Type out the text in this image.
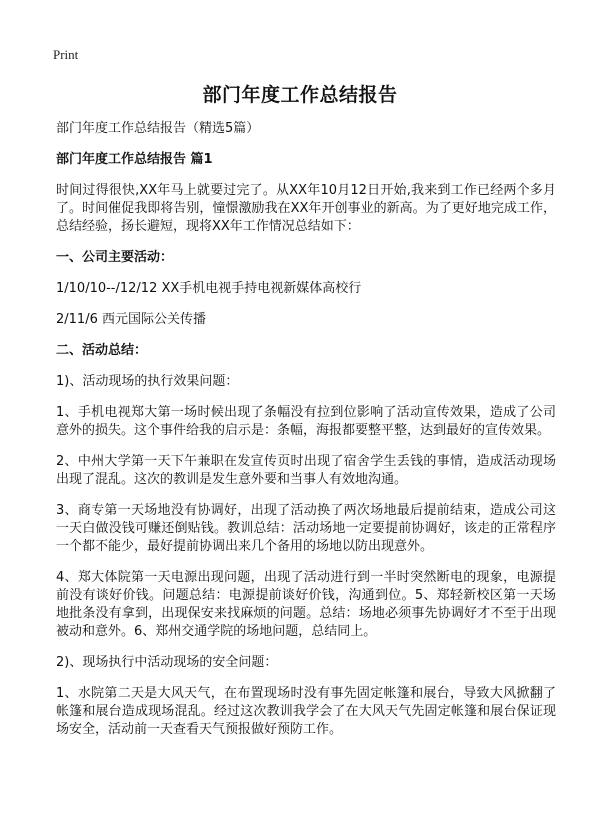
Print
部门年度工作总结报告

部门年度工作总结报告（精选5篇）

部门年度工作总结报告 篇1

时间过得很快,XX年马上就要过完了。从XX年10月12日开始,我来到工作已经两个多月了。时间催促我即将告别，憧憬激励我在XX年开创事业的新高。为了更好地完成工作，总结经验，扬长避短，现将XX年工作情况总结如下：

一、公司主要活动：

1/10/10--/12/12 XX手机电视手持电视新媒体高校行

2/11/6 西元国际公关传播

二、活动总结：

1)、活动现场的执行效果问题：

1、手机电视郑大第一场时候出现了条幅没有拉到位影响了活动宣传效果，造成了公司意外的损失。这个事件给我的启示是：条幅，海报都要整平整，达到最好的宣传效果。

2、中州大学第一天下午兼职在发宣传页时出现了宿舍学生丢钱的事情，造成活动现场出现了混乱。这次的教训是发生意外要和当事人有效地沟通。

3、商专第一天场地没有协调好，出现了活动换了两次场地最后提前结束，造成公司这一天白做没钱可赚还倒贴钱。教训总结：活动场地一定要提前协调好，该走的正常程序一个都不能少，最好提前协调出来几个备用的场地以防出现意外。

4、郑大体院第一天电源出现问题，出现了活动进行到一半时突然断电的现象，电源提前没有谈好价钱。问题总结：电源提前谈好价钱，沟通到位。5、郑轻新校区第一天场地批条没有拿到，出现保安来找麻烦的问题。总结：场地必须事先协调好才不至于出现被动和意外。6、郑州交通学院的场地问题，总结同上。

2)、现场执行中活动现场的安全问题：

1、水院第二天是大风天气，在布置现场时没有事先固定帐篷和展台，导致大风掀翻了帐篷和展台造成现场混乱。经过这次教训我学会了在大风天气先固定帐篷和展台保证现场安全，活动前一天查看天气预报做好预防工作。
